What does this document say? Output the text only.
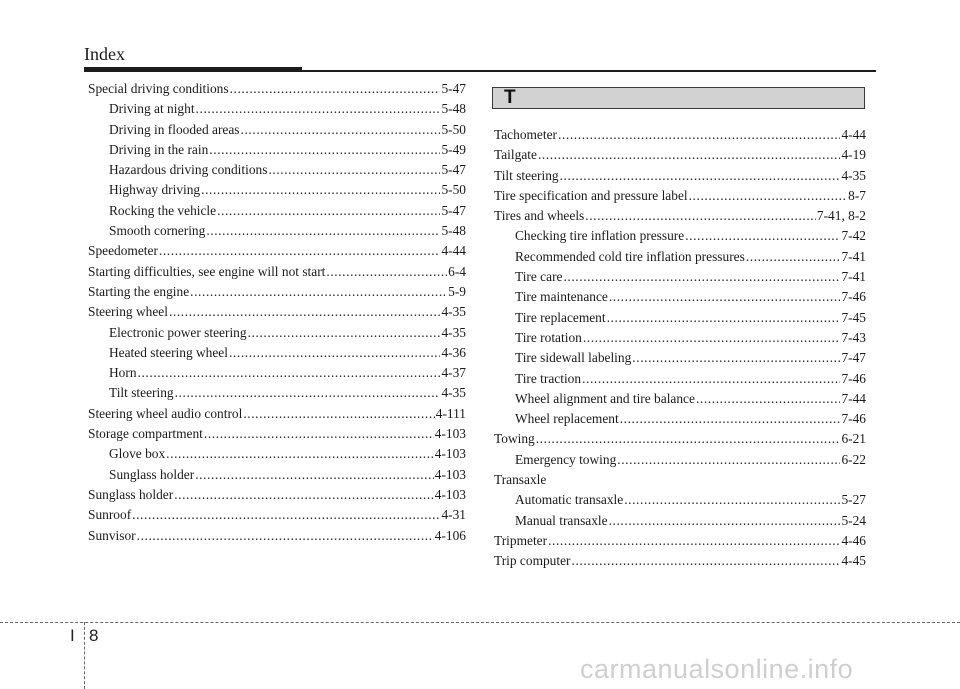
Index
Special driving conditions .....	5-47
Driving at night .....	5-48
Driving in flooded areas .....	5-50
Driving in the rain .....	5-49
Hazardous driving conditions .....	5-47
Highway driving .....	5-50
Rocking the vehicle .....	5-47
Smooth cornering .....	5-48
Speedometer .....	4-44
Starting difficulties, see engine will not start .....	6-4
Starting the engine .....	5-9
Steering wheel .....	4-35
Electronic power steering .....	4-35
Heated steering wheel .....	4-36
Horn .....	4-37
Tilt steering .....	4-35
Steering wheel audio control .....	4-111
Storage compartment .....	4-103
Glove box .....	4-103
Sunglass holder .....	4-103
Sunglass holder .....	4-103
Sunroof .....	4-31
Sunvisor .....	4-106
T
Tachometer .....	4-44
Tailgate .....	4-19
Tilt steering .....	4-35
Tire specification and pressure label .....	8-7
Tires and wheels .....	7-41, 8-2
Checking tire inflation pressure .....	7-42
Recommended cold tire inflation pressures .....	7-41
Tire care .....	7-41
Tire maintenance .....	7-46
Tire replacement .....	7-45
Tire rotation .....	7-43
Tire sidewall labeling .....	7-47
Tire traction .....	7-46
Wheel alignment and tire balance .....	7-44
Wheel replacement .....	7-46
Towing .....	6-21
Emergency towing .....	6-22
Transaxle
Automatic transaxle .....	5-27
Manual transaxle .....	5-24
Tripmeter .....	4-46
Trip computer .....	4-45
I 8
carmanualsonline.info
